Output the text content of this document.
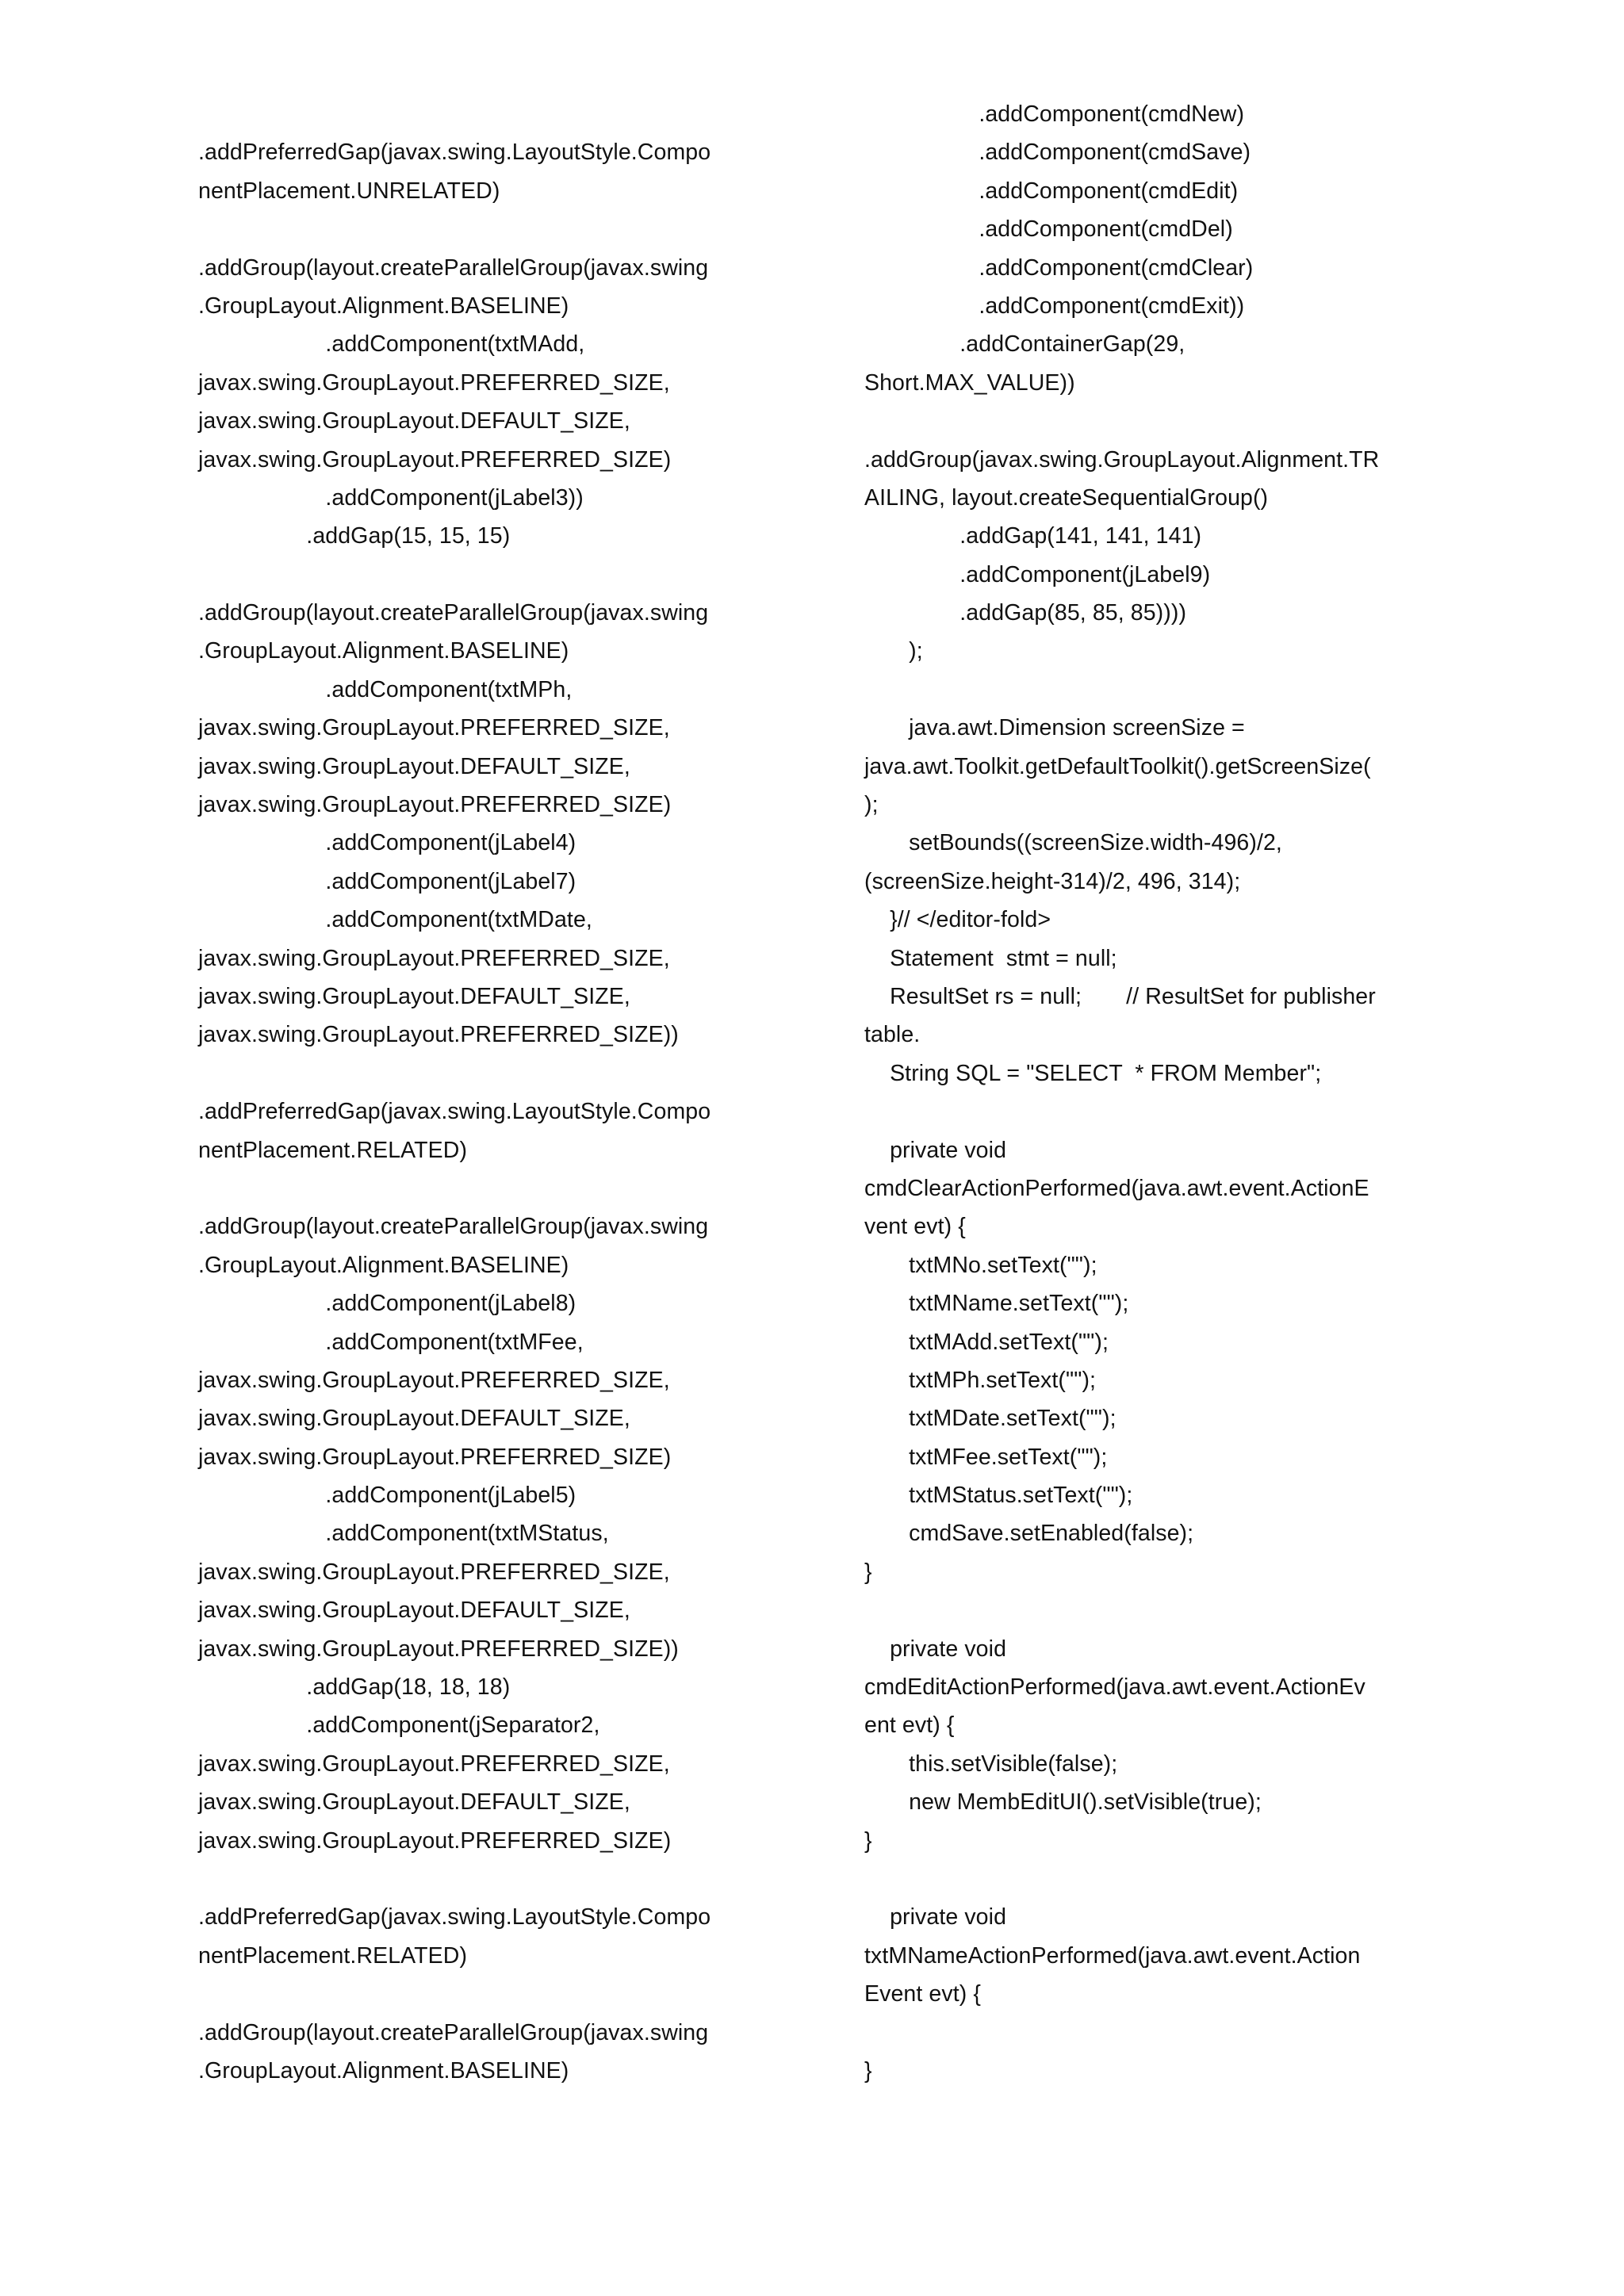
.addPreferredGap(javax.swing.LayoutStyle.Compo
nentPlacement.UNRELATED)
.addGroup(layout.createParallelGroup(javax.swing
.GroupLayout.Alignment.BASELINE)
.addComponent(txtMAdd,
javax.swing.GroupLayout.PREFERRED_SIZE,
javax.swing.GroupLayout.DEFAULT_SIZE,
javax.swing.GroupLayout.PREFERRED_SIZE)
.addComponent(jLabel3))
.addGap(15, 15, 15)
.addGroup(layout.createParallelGroup(javax.swing
.GroupLayout.Alignment.BASELINE)
.addComponent(txtMPh,
javax.swing.GroupLayout.PREFERRED_SIZE,
javax.swing.GroupLayout.DEFAULT_SIZE,
javax.swing.GroupLayout.PREFERRED_SIZE)
.addComponent(jLabel4)
.addComponent(jLabel7)
.addComponent(txtMDate,
javax.swing.GroupLayout.PREFERRED_SIZE,
javax.swing.GroupLayout.DEFAULT_SIZE,
javax.swing.GroupLayout.PREFERRED_SIZE))
.addPreferredGap(javax.swing.LayoutStyle.Compo
nentPlacement.RELATED)
.addGroup(layout.createParallelGroup(javax.swing
.GroupLayout.Alignment.BASELINE)
.addComponent(jLabel8)
.addComponent(txtMFee,
javax.swing.GroupLayout.PREFERRED_SIZE,
javax.swing.GroupLayout.DEFAULT_SIZE,
javax.swing.GroupLayout.PREFERRED_SIZE)
.addComponent(jLabel5)
.addComponent(txtMStatus,
javax.swing.GroupLayout.PREFERRED_SIZE,
javax.swing.GroupLayout.DEFAULT_SIZE,
javax.swing.GroupLayout.PREFERRED_SIZE))
.addGap(18, 18, 18)
.addComponent(jSeparator2,
javax.swing.GroupLayout.PREFERRED_SIZE,
javax.swing.GroupLayout.DEFAULT_SIZE,
javax.swing.GroupLayout.PREFERRED_SIZE)
.addPreferredGap(javax.swing.LayoutStyle.Compo
nentPlacement.RELATED)
.addGroup(layout.createParallelGroup(javax.swing
.GroupLayout.Alignment.BASELINE)
.addComponent(cmdNew)
.addComponent(cmdSave)
.addComponent(cmdEdit)
.addComponent(cmdDel)
.addComponent(cmdClear)
.addComponent(cmdExit))
.addContainerGap(29,
Short.MAX_VALUE))
.addGroup(javax.swing.GroupLayout.Alignment.TR
AILING, layout.createSequentialGroup()
.addGap(141, 141, 141)
.addComponent(jLabel9)
.addGap(85, 85, 85))))
);
java.awt.Dimension screenSize =
java.awt.Toolkit.getDefaultToolkit().getScreenSize(
);
setBounds((screenSize.width-496)/2,
(screenSize.height-314)/2, 496, 314);
}// </editor-fold>
Statement  stmt = null;
ResultSet rs = null;       // ResultSet for publisher
table.
String SQL = "SELECT  * FROM Member";
private void
cmdClearActionPerformed(java.awt.event.ActionE
vent evt) {
txtMNo.setText("");
txtMName.setText("");
txtMAdd.setText("");
txtMPh.setText("");
txtMDate.setText("");
txtMFee.setText("");
txtMStatus.setText("");
cmdSave.setEnabled(false);
}
private void
cmdEditActionPerformed(java.awt.event.ActionEv
ent evt) {
this.setVisible(false);
new MembEditUI().setVisible(true);
}
private void
txtMNameActionPerformed(java.awt.event.Action
Event evt) {
}
